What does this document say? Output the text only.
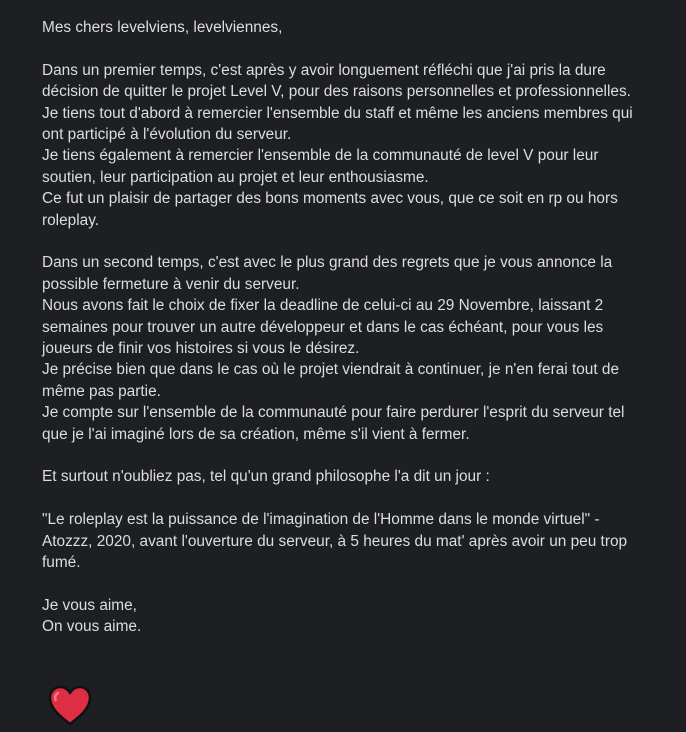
Mes chers levelviens, levelviennes,

Dans un premier temps, c'est après y avoir longuement réfléchi que j'ai pris la dure décision de quitter le projet Level V, pour des raisons personnelles et professionnelles.

Je tiens tout d'abord à remercier l'ensemble du staff et même les anciens membres qui ont participé à l'évolution du serveur.

Je tiens également à remercier l'ensemble de la communauté de level V pour leur soutien, leur participation au projet et leur enthousiasme.

Ce fut un plaisir de partager des bons moments avec vous, que ce soit en rp ou hors roleplay.

Dans un second temps, c'est avec le plus grand des regrets que je vous annonce la possible fermeture à venir du serveur.

Nous avons fait le choix de fixer la deadline de celui-ci au 29 Novembre, laissant 2 semaines pour trouver un autre développeur et dans le cas échéant, pour vous les joueurs de finir vos histoires si vous le désirez.

Je précise bien que dans le cas où le projet viendrait à continuer, je n'en ferai tout de même pas partie.

Je compte sur l'ensemble de la communauté pour faire perdurer l'esprit du serveur tel que je l'ai imaginé lors de sa création, même s'il vient à fermer.

Et surtout n'oubliez pas, tel qu'un grand philosophe l'a dit un jour :

"Le roleplay est la puissance de l'imagination de l'Homme dans le monde virtuel" - Atozzz, 2020, avant l'ouverture du serveur, à 5 heures du mat' après avoir un peu trop fumé.

Je vous aime,

On vous aime.
